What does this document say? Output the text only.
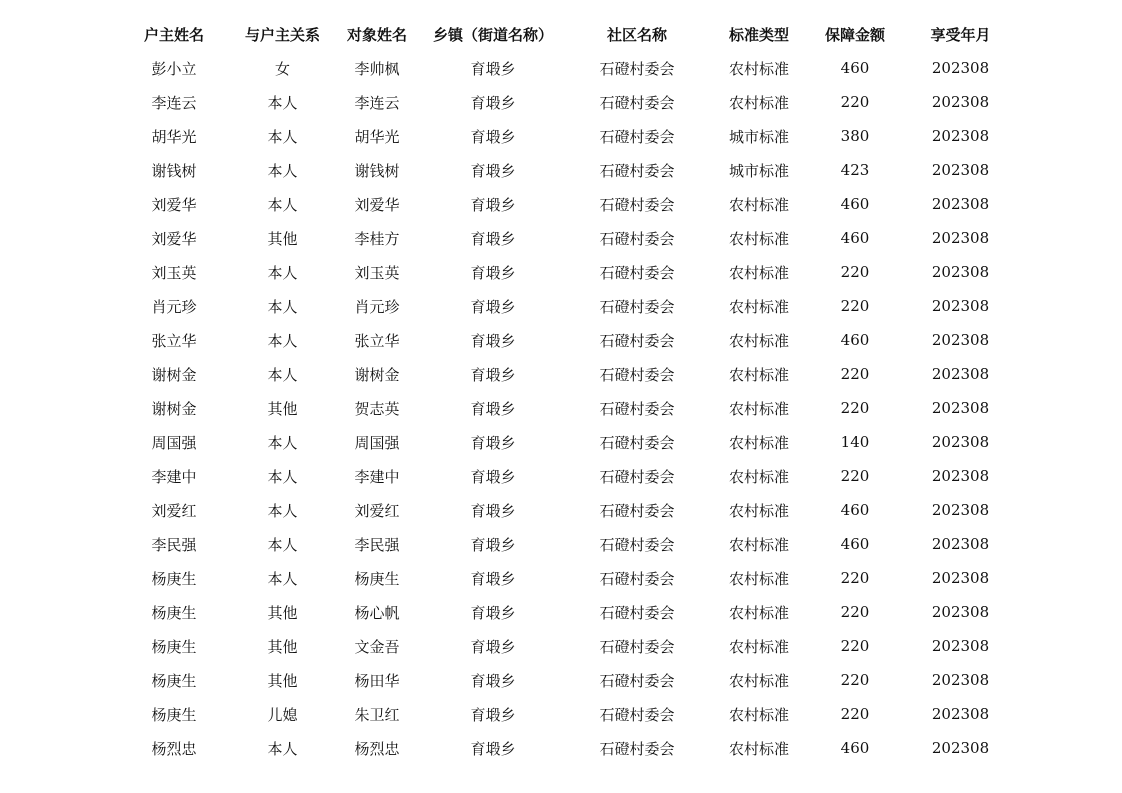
户主姓名	与户主关系	对象姓名	乡镇（街道名称）	社区名称	标准类型	保障金额	享受年月
彭小立	女	李帅枫	育塅乡	石磴村委会	农村标准	460	202308
李连云	本人	李连云	育塅乡	石磴村委会	农村标准	220	202308
胡华光	本人	胡华光	育塅乡	石磴村委会	城市标准	380	202308
谢钱树	本人	谢钱树	育塅乡	石磴村委会	城市标准	423	202308
刘爱华	本人	刘爱华	育塅乡	石磴村委会	农村标准	460	202308
刘爱华	其他	李桂方	育塅乡	石磴村委会	农村标准	460	202308
刘玉英	本人	刘玉英	育塅乡	石磴村委会	农村标准	220	202308
肖元珍	本人	肖元珍	育塅乡	石磴村委会	农村标准	220	202308
张立华	本人	张立华	育塅乡	石磴村委会	农村标准	460	202308
谢树金	本人	谢树金	育塅乡	石磴村委会	农村标准	220	202308
谢树金	其他	贺志英	育塅乡	石磴村委会	农村标准	220	202308
周国强	本人	周国强	育塅乡	石磴村委会	农村标准	140	202308
李建中	本人	李建中	育塅乡	石磴村委会	农村标准	220	202308
刘爱红	本人	刘爱红	育塅乡	石磴村委会	农村标准	460	202308
李民强	本人	李民强	育塅乡	石磴村委会	农村标准	460	202308
杨庚生	本人	杨庚生	育塅乡	石磴村委会	农村标准	220	202308
杨庚生	其他	杨心帆	育塅乡	石磴村委会	农村标准	220	202308
杨庚生	其他	文金吾	育塅乡	石磴村委会	农村标准	220	202308
杨庚生	其他	杨田华	育塅乡	石磴村委会	农村标准	220	202308
杨庚生	儿媳	朱卫红	育塅乡	石磴村委会	农村标准	220	202308
杨烈忠	本人	杨烈忠	育塅乡	石磴村委会	农村标准	460	202308
